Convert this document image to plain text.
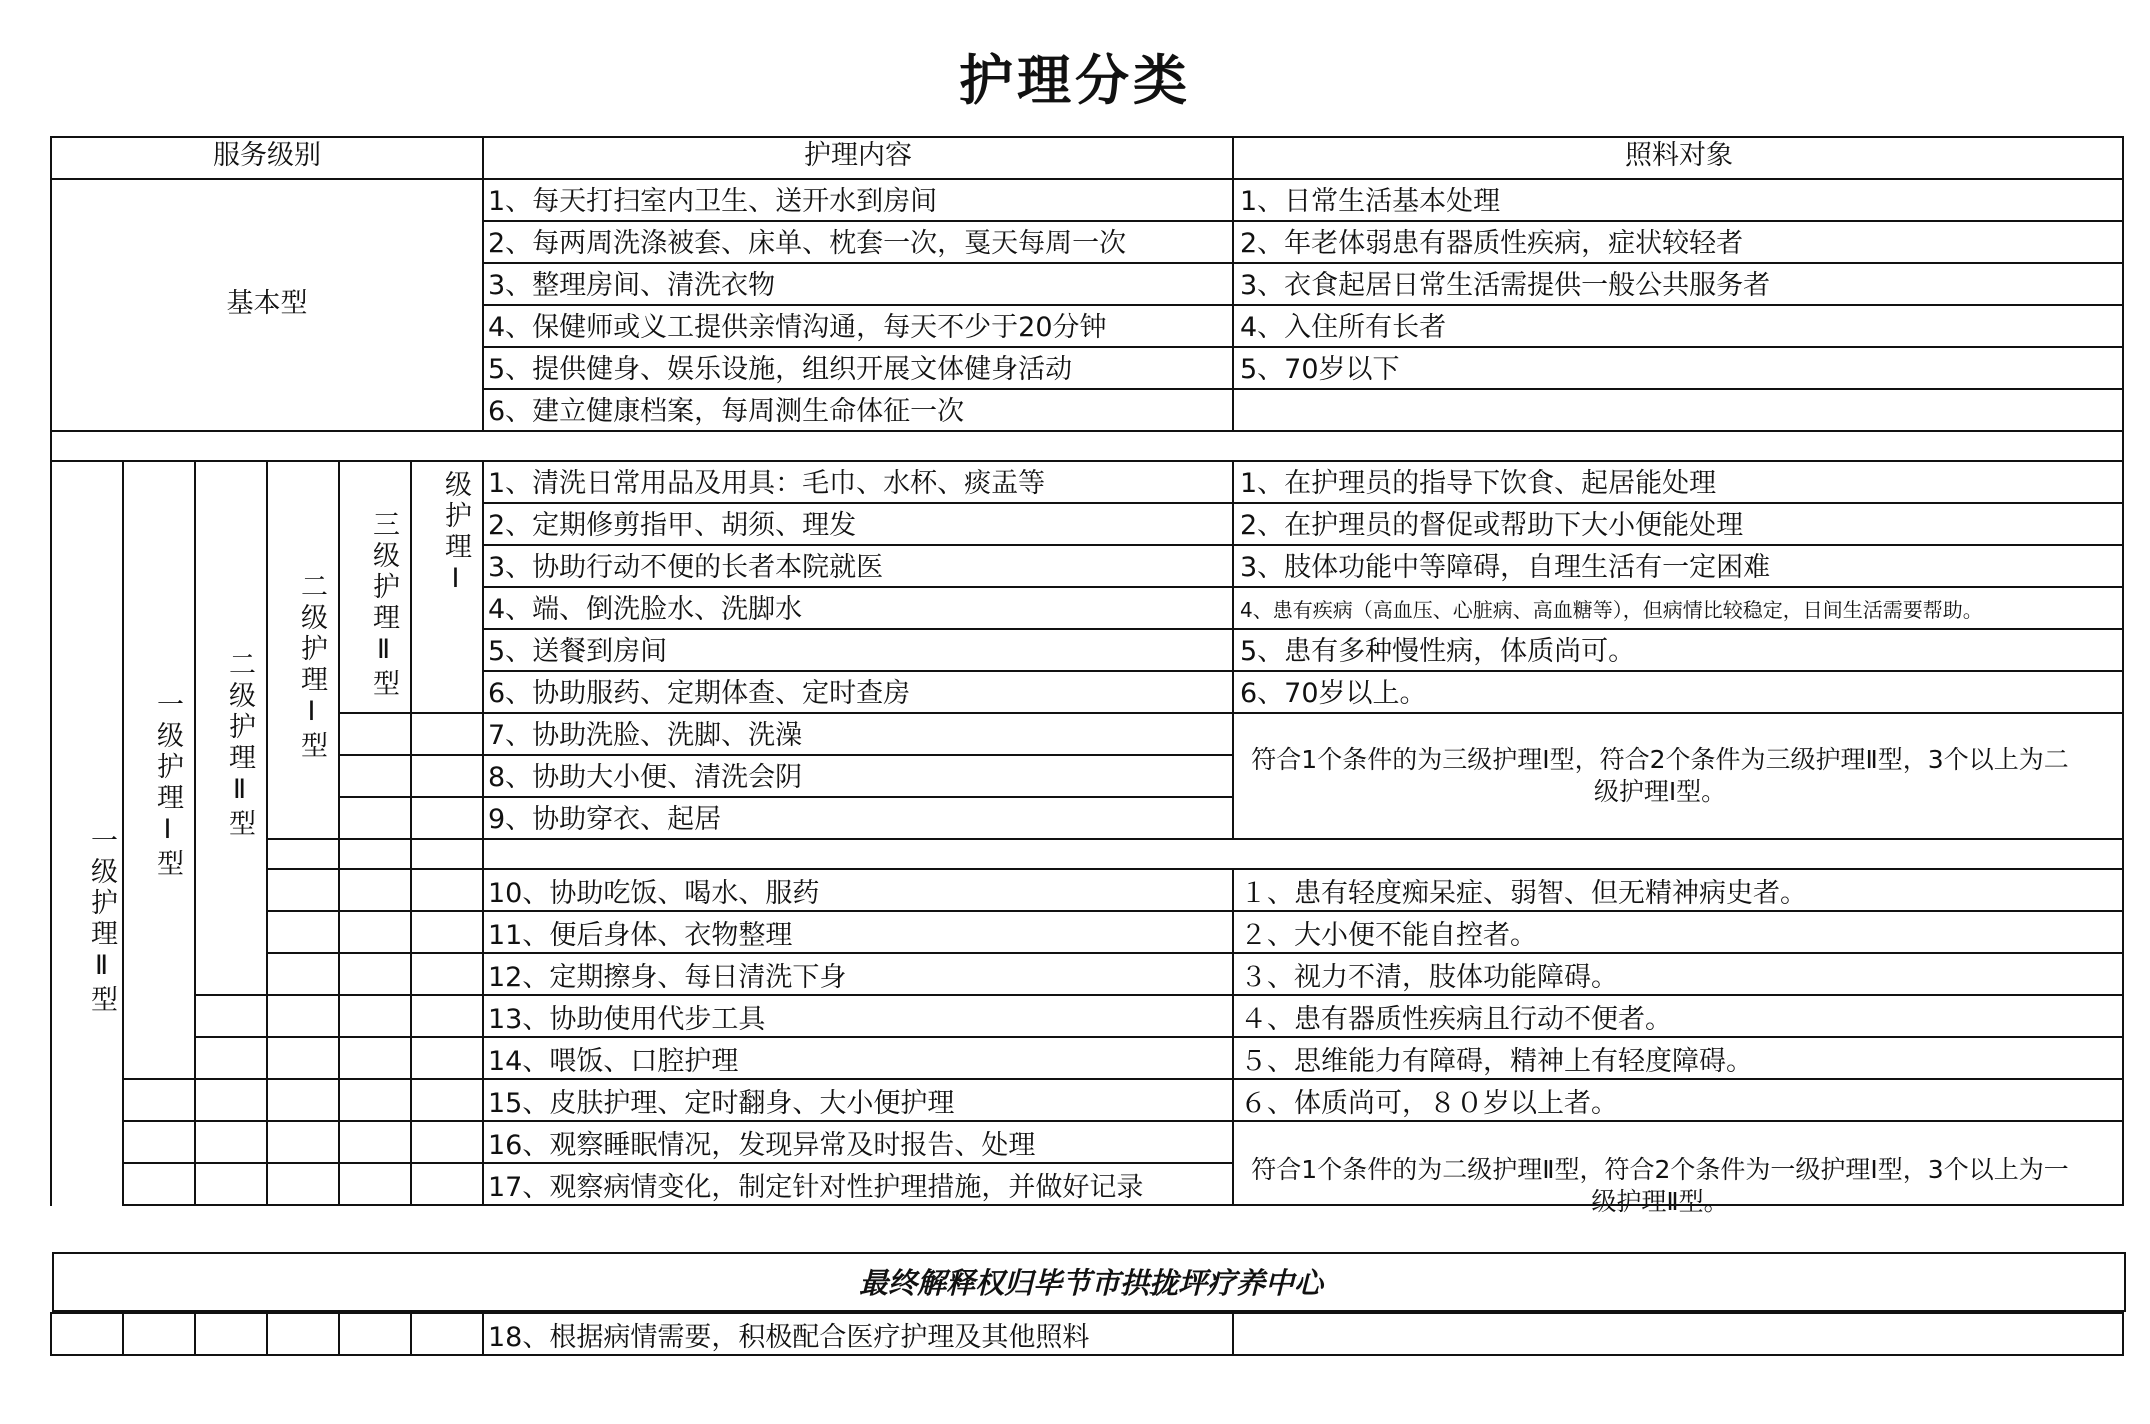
护理分类
服务级别	护理内容	照料对象
基本型
1、每天打扫室内卫生、送开水到房间
2、每两周洗涤被套、床单、枕套一次，戛天每周一次
3、整理房间、清洗衣物
4、保健师或义工提供亲情沟通，每天不少于20分钟
5、提供健身、娱乐设施，组织开展文体健身活动
6、建立健康档案，每周测生命体征一次
1、日常生活基本处理
2、年老体弱患有器质性疾病，症状较轻者
3、衣食起居日常生活需提供一般公共服务者
4、入住所有长者
5、70岁以下
一级护理Ⅱ型
一级护理Ⅰ型 二级护理Ⅱ型 二级护理Ⅰ型 三级护理Ⅱ型 级护理Ⅰ 1、清洗日常用品及用具：毛巾、水杯、痰盂等
2、定期修剪指甲、胡须、理发
3、协助行动不便的长者本院就医
4、端、倒洗脸水、洗脚水
5、送餐到房间
6、协助服药、定期体查、定时查房
7、协助洗脸、洗脚、洗澡
8、协助大小便、清洗会阴
9、协助穿衣、起居
1、在护理员的指导下饮食、起居能处理
2、在护理员的督促或帮助下大小便能处理
3、肢体功能中等障碍，自理生活有一定困难
4、患有疾病（高血压、心脏病、高血糖等），但病情比较稳定，日间生活需要帮助。
5、患有多种慢性病，体质尚可。
6、70岁以上。
符合1个条件的为三级护理Ⅰ型，符合2个条件为三级护理Ⅱ型，3个以上为二级护理Ⅰ型。
10、协助吃饭、喝水、服药
11、便后身体、衣物整理
12、定期擦身、每日清洗下身
13、协助使用代步工具
14、喂饭、口腔护理
15、皮肤护理、定时翻身、大小便护理
16、观察睡眠情况，发现异常及时报告、处理
17、观察病情变化，制定针对性护理措施，并做好记录
１、患有轻度痴呆症、弱智、但无精神病史者。
２、大小便不能自控者。
３、视力不清，肢体功能障碍。
４、患有器质性疾病且行动不便者。
５、思维能力有障碍，精神上有轻度障碍。
６、体质尚可，８０岁以上者。
符合1个条件的为二级护理Ⅱ型，符合2个条件为一级护理Ⅰ型，3个以上为一级护理Ⅱ型。
最终解释权归毕节市拱拢坪疗养中心
18、根据病情需要，积极配合医疗护理及其他照料
